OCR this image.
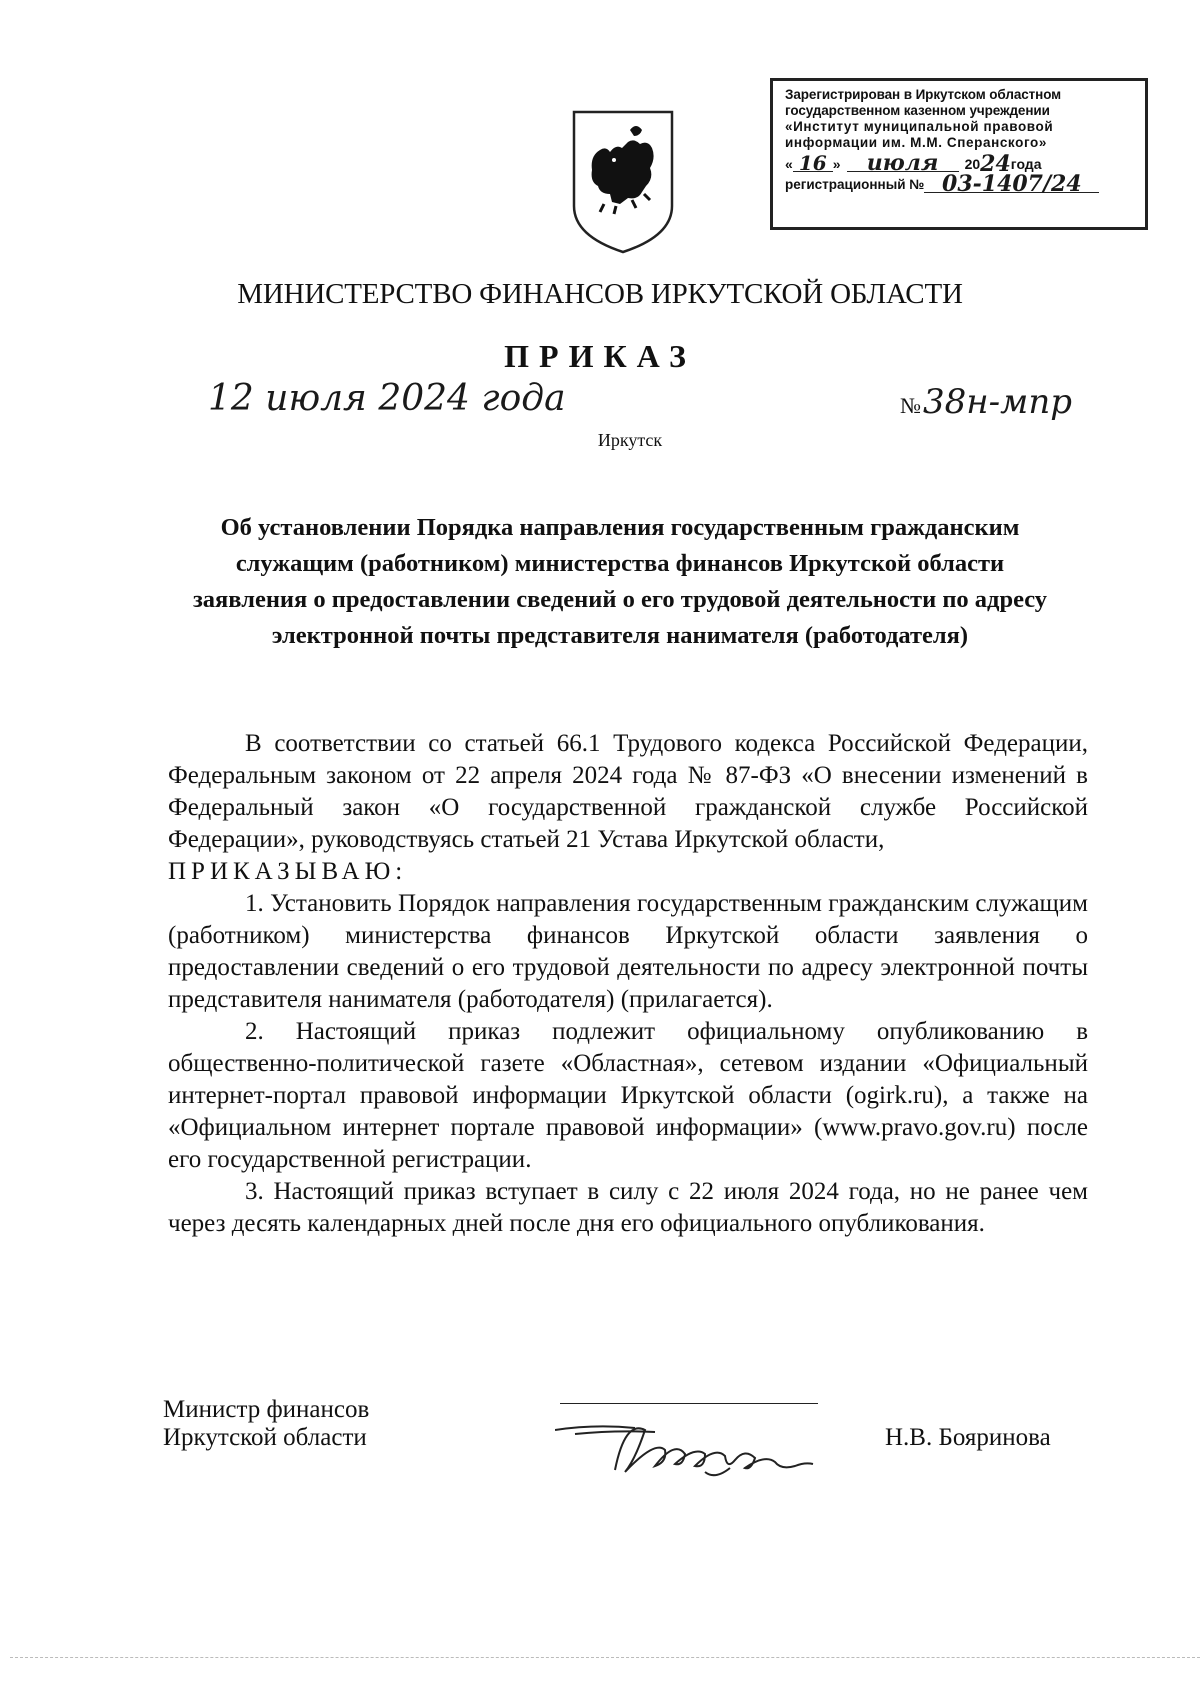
Зарегистрирован в Иркутском областном
государственном казенном учреждении
«Институт муниципальной правовой
информации им. М.М. Сперанского»
« 16 »	июля	20 24 года
регистрационный № 03-1407/24
МИНИСТЕРСТВО ФИНАНСОВ ИРКУТСКОЙ ОБЛАСТИ
ПРИКАЗ
12 июля 2024 года	№38н-мпр
Иркутск
Об установлении Порядка направления государственным гражданским служащим (работником) министерства финансов Иркутской области заявления о предоставлении сведений о его трудовой деятельности по адресу электронной почты представителя нанимателя (работодателя)

В соответствии со статьей 66.1 Трудового кодекса Российской Федерации, Федеральным законом от 22 апреля 2024 года № 87-ФЗ «О внесении изменений в Федеральный закон «О государственной гражданской службе Российской Федерации», руководствуясь статьей 21 Устава Иркутской области,

ПРИКАЗЫВАЮ:

1. Установить Порядок направления государственным гражданским служащим (работником) министерства финансов Иркутской области заявления о предоставлении сведений о его трудовой деятельности по адресу электронной почты представителя нанимателя (работодателя) (прилагается).

2. Настоящий приказ подлежит официальному опубликованию в общественно-политической газете «Областная», сетевом издании «Официальный интернет-портал правовой информации Иркутской области (ogirk.ru), а также на «Официальном интернет портале правовой информации» (www.pravo.gov.ru) после его государственной регистрации.

3. Настоящий приказ вступает в силу с 22 июля 2024 года, но не ранее чем через десять календарных дней после дня его официального опубликования.

Министр финансов
Иркутской области	Н.В. Бояринова
